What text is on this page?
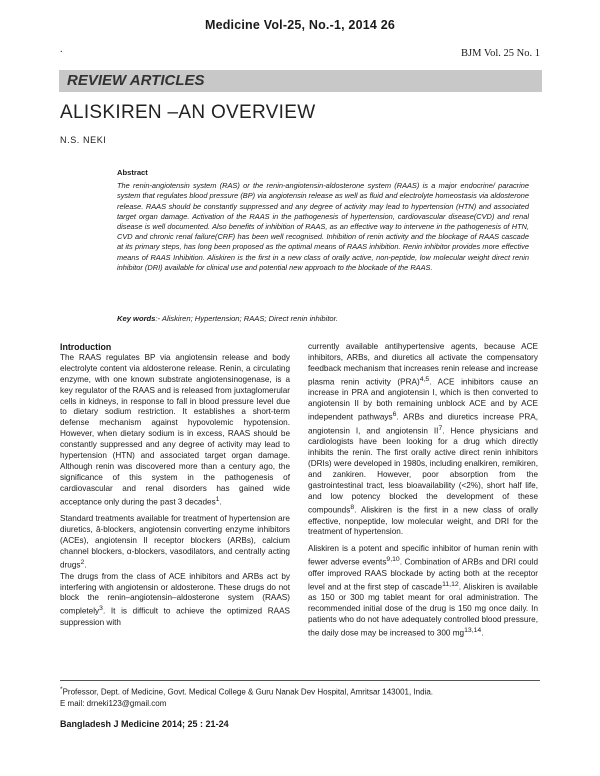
Medicine Vol-25, No.-1, 2014 26
.	BJM Vol. 25 No. 1
REVIEW ARTICLES
ALISKIREN –AN OVERVIEW
N.S. NEKI
Abstract
The renin-angiotensin system (RAS) or the renin-angiotensin-aldosterone system (RAAS) is a major endocrine/ paracrine system that regulates blood pressure (BP) via angiotensin release as well as fluid and electrolyte homeostasis via aldosterone release. RAAS should be constantly suppressed and any degree of activity may lead to hypertension (HTN) and associated target organ damage. Activation of the RAAS in the pathogenesis of hypertension, cardiovascular disease(CVD) and renal disease is well documented. Also benefits of inhibition of RAAS, as an effective way to intervene in the pathogenesis of HTN, CVD and chronic renal failure(CRF) has been well recognised. Inhibition of renin activity and the blockage of RAAS cascade at its primary steps, has long been proposed as the optimal means of RAAS inhibition. Renin inhibitor provides more effective means of RAAS Inhibition. Aliskiren is the first in a new class of orally active, non-peptide, low molecular weight direct renin inhibitor (DRI) available for clinical use and potential new approach to the blockade of the RAAS.
Key words:- Aliskiren; Hypertension; RAAS; Direct renin inhibitor.
Introduction

The RAAS regulates BP via angiotensin release and body electrolyte content via aldosterone release. Renin, a circulating enzyme, with one known substrate angiotensinogenase, is a key regulator of the RAAS and is released from juxtaglomerular cells in kidneys, in response to fall in blood pressure level due to dietary sodium restriction. It establishes a short-term defense mechanism against hypovolemic hypotension. However, when dietary sodium is in excess, RAAS should be constantly suppressed and any degree of activity may lead to hypertension (HTN) and associated target organ damage. Although renin was discovered more than a century ago, the significance of this system in the pathogenesis of cardiovascular and renal disorders has gained wide acceptance only during the past 3 decades$^1$.

Standard treatments available for treatment of hypertension are diuretics, â-blockers, angiotensin converting enzyme inhibitors (ACEs), angiotensin II receptor blockers (ARBs), calcium channel blockers, α-blockers, vasodilators, and centrally acting drugs$^2$.
The drugs from the class of ACE inhibitors and ARBs act by interfering with angiotensin or aldosterone. These drugs do not block the renin–angiotensin–aldosterone system (RAAS) completely$^3$. It is difficult to achieve the optimized RAAS suppression with

currently available antihypertensive agents, because ACE inhibitors, ARBs, and diuretics all activate the compensatory feedback mechanism that increases renin release and increase plasma renin activity (PRA)$^{4,5}$. ACE inhibitors cause an increase in PRA and angiotensin I, which is then converted to angiotensin II by both remaining unblock ACE and by ACE independent pathways$^6$. ARBs and diuretics increase PRA, angiotensin I, and angiotensin $II^7$. Hence physicians and cardiologists have been looking for a drug which directly inhibits the renin. The first orally active direct renin inhibitors (DRIs) were developed in 1980s, including enalkiren, remikiren, and zankiren. However, poor absorption from the gastrointestinal tract, less bioavailability (<2%), short half life, and low potency blocked the development of these compounds$^8$. Aliskiren is the first in a new class of orally effective, nonpeptide, low molecular weight, and DRI for the treatment of hypertension.

Aliskiren is a potent and specific inhibitor of human renin with fewer adverse events$^{9,10}$. Combination of ARBs and DRI could offer improved RAAS blockade by acting both at the receptor level and at the first step of cascade$^{11,12}$. Aliskiren is available as 150 or 300 mg tablet meant for oral administration. The recommended initial dose of the drug is 150 mg once daily. In patients who do not have adequately controlled blood pressure, the daily dose may be increased to 300 mg$^{13,14}$.

*Professor, Dept. of Medicine, Govt. Medical College & Guru Nanak Dev Hospital, Amritsar 143001, India.
E mail: drneki123@gmail.com
Bangladesh J Medicine 2014; 25 : 21-24
